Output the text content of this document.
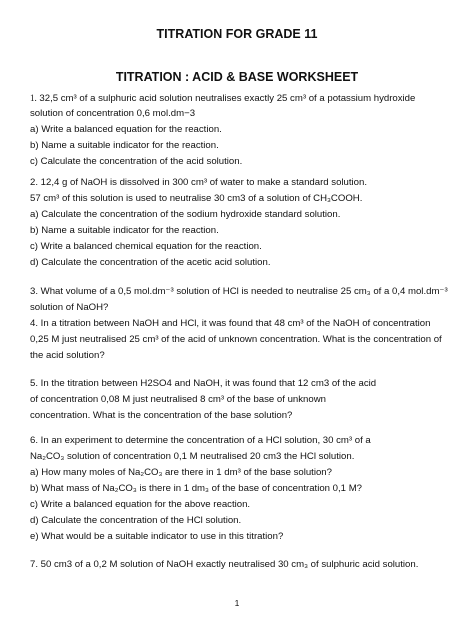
TITRATION FOR GRADE 11
TITRATION : ACID & BASE WORKSHEET
1. 32,5 cm³ of a sulphuric acid solution neutralises exactly 25 cm³ of a potassium hydroxide
solution of concentration 0,6 mol.dm−3
a) Write a balanced equation for the reaction.
b) Name a suitable indicator for the reaction.
c) Calculate the concentration of the acid solution.
2. 12,4 g of NaOH is dissolved in 300 cm³ of water to make a standard solution.
57 cm³ of this solution is used to neutralise 30 cm3 of a solution of CH₃COOH.
a) Calculate the concentration of the sodium hydroxide standard solution.
b) Name a suitable indicator for the reaction.
c) Write a balanced chemical equation for the reaction.
d) Calculate the concentration of the acetic acid solution.
3. What volume of a 0,5 mol.dm⁻³ solution of HCl is needed to neutralise 25 cm₃ of a 0,4 mol.dm⁻³
solution of NaOH?
4. In a titration between NaOH and HCl, it was found that 48 cm³ of the NaOH of concentration
0,25 M just neutralised 25 cm³ of the acid of unknown concentration. What is the concentration of
the acid solution?
5. In the titration between H2SO4 and NaOH, it was found that 12 cm3 of the acid
of concentration 0,08 M just neutralised 8 cm³ of the base of unknown
concentration. What is the concentration of the base solution?
6. In an experiment to determine the concentration of a HCl solution, 30 cm³ of a
Na₂CO₃ solution of concentration 0,1 M neutralised 20 cm3 the HCl solution.
a) How many moles of Na₂CO₃ are there in 1 dm³ of the base solution?
b) What mass of Na₂CO₃ is there in 1 dm₃ of the base of concentration 0,1 M?
c) Write a balanced equation for the above reaction.
d) Calculate the concentration of the HCl solution.
e) What would be a suitable indicator to use in this titration?
7. 50 cm3 of a 0,2 M solution of NaOH exactly neutralised 30 cm₃ of sulphuric acid solution.
1
